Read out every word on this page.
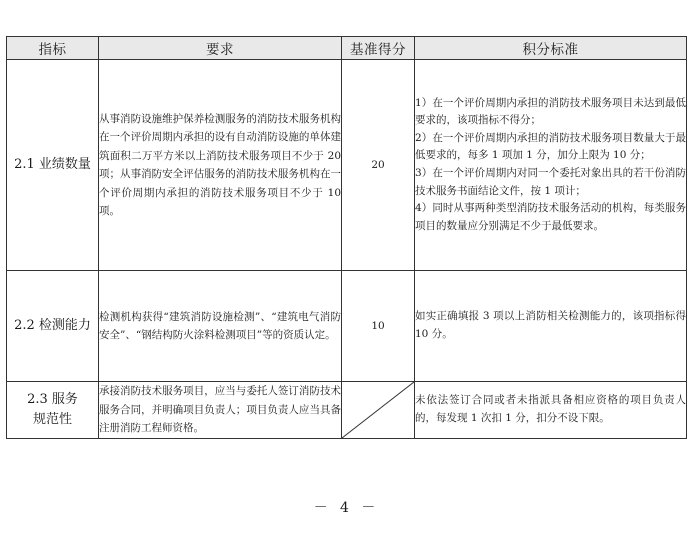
指标	要求	基准得分	积分标准
2.1 业绩数量	从事消防设施维护保养检测服务的消防技术服务机构在一个评价周期内承担的设有自动消防设施的单体建筑面积二万平方米以上消防技术服务项目不少于 20 项；从事消防安全评估服务的消防技术服务机构在一个评价周期内承担的消防技术服务项目不少于 10 项。	20	1）在一个评价周期内承担的消防技术服务项目未达到最低要求的，该项指标不得分；

2）在一个评价周期内承担的消防技术服务项目数量大于最低要求的，每多 1 项加 1 分，加分上限为 10 分；

3）在一个评价周期内对同一个委托对象出具的若干份消防技术服务书面结论文件，按 1 项计；

4）同时从事两种类型消防技术服务活动的机构，每类服务项目的数量应分别满足不少于最低要求。

2.2 检测能力	检测机构获得“建筑消防设施检测”、“建筑电气消防安全”、“钢结构防火涂料检测项目”等的资质认定。	10	如实正确填报 3 项以上消防相关检测能力的，该项指标得 10 分。

2.3 服务
规范性	承接消防技术服务项目，应当与委托人签订消防技术服务合同，并明确项目负责人；项目负责人应当具备注册消防工程师资格。		未依法签订合同或者未指派具备相应资格的项目负责人的，每发现 1 次扣 1 分，扣分不设下限。

－ 4 －
